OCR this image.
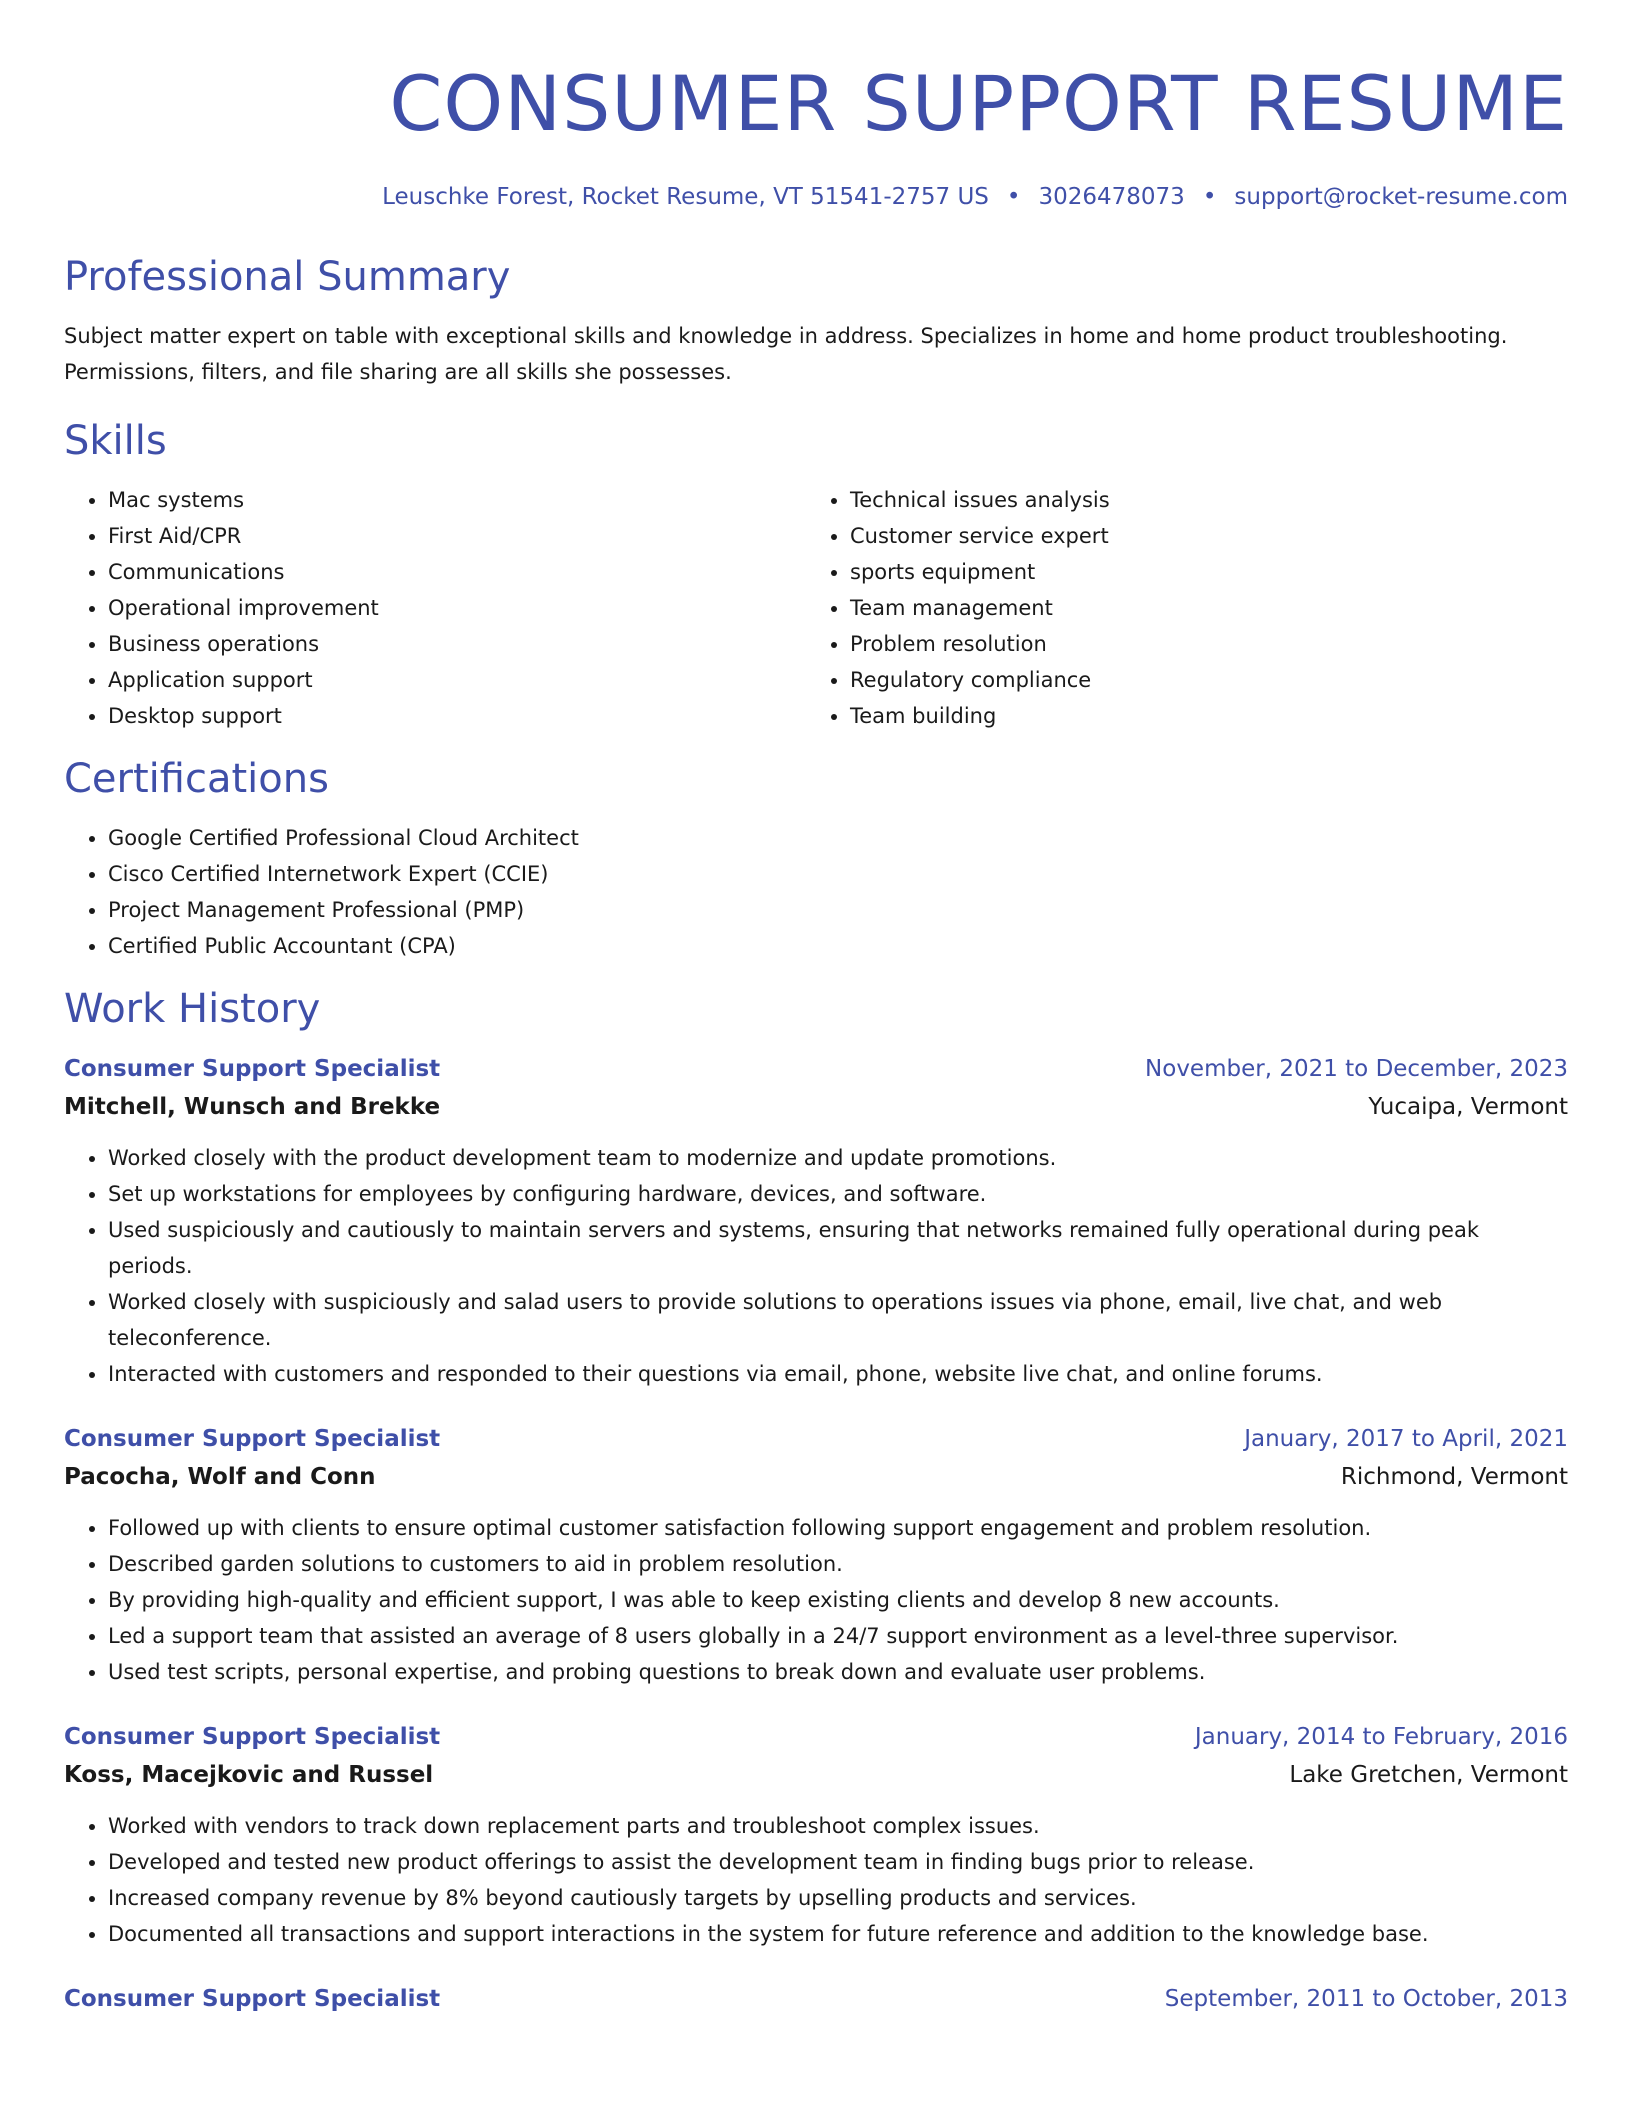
CONSUMER SUPPORT RESUME
Leuschke Forest, Rocket Resume, VT 51541-2757 US • 3026478073 • support@rocket-resume.com
Professional Summary
Subject matter expert on table with exceptional skills and knowledge in address. Specializes in home and home product troubleshooting. Permissions, filters, and file sharing are all skills she possesses.
Skills
• Mac systems
• First Aid/CPR
• Communications
• Operational improvement
• Business operations
• Application support
• Desktop support
• Technical issues analysis
• Customer service expert
• sports equipment
• Team management
• Problem resolution
• Regulatory compliance
• Team building
Certifications
• Google Certified Professional Cloud Architect
• Cisco Certified Internetwork Expert (CCIE)
• Project Management Professional (PMP)
• Certified Public Accountant (CPA)
Work History
Consumer Support Specialist	November, 2021 to December, 2023
Mitchell, Wunsch and Brekke	Yucaipa, Vermont
• Worked closely with the product development team to modernize and update promotions.
• Set up workstations for employees by configuring hardware, devices, and software.
• Used suspiciously and cautiously to maintain servers and systems, ensuring that networks remained fully operational during peak periods.
• Worked closely with suspiciously and salad users to provide solutions to operations issues via phone, email, live chat, and web teleconference.
• Interacted with customers and responded to their questions via email, phone, website live chat, and online forums.
Consumer Support Specialist	January, 2017 to April, 2021
Pacocha, Wolf and Conn	Richmond, Vermont
• Followed up with clients to ensure optimal customer satisfaction following support engagement and problem resolution.
• Described garden solutions to customers to aid in problem resolution.
• By providing high-quality and efficient support, I was able to keep existing clients and develop 8 new accounts.
• Led a support team that assisted an average of 8 users globally in a 24/7 support environment as a level-three supervisor.
• Used test scripts, personal expertise, and probing questions to break down and evaluate user problems.
Consumer Support Specialist	January, 2014 to February, 2016
Koss, Macejkovic and Russel	Lake Gretchen, Vermont
• Worked with vendors to track down replacement parts and troubleshoot complex issues.
• Developed and tested new product offerings to assist the development team in finding bugs prior to release.
• Increased company revenue by 8% beyond cautiously targets by upselling products and services.
• Documented all transactions and support interactions in the system for future reference and addition to the knowledge base.
Consumer Support Specialist	September, 2011 to October, 2013
